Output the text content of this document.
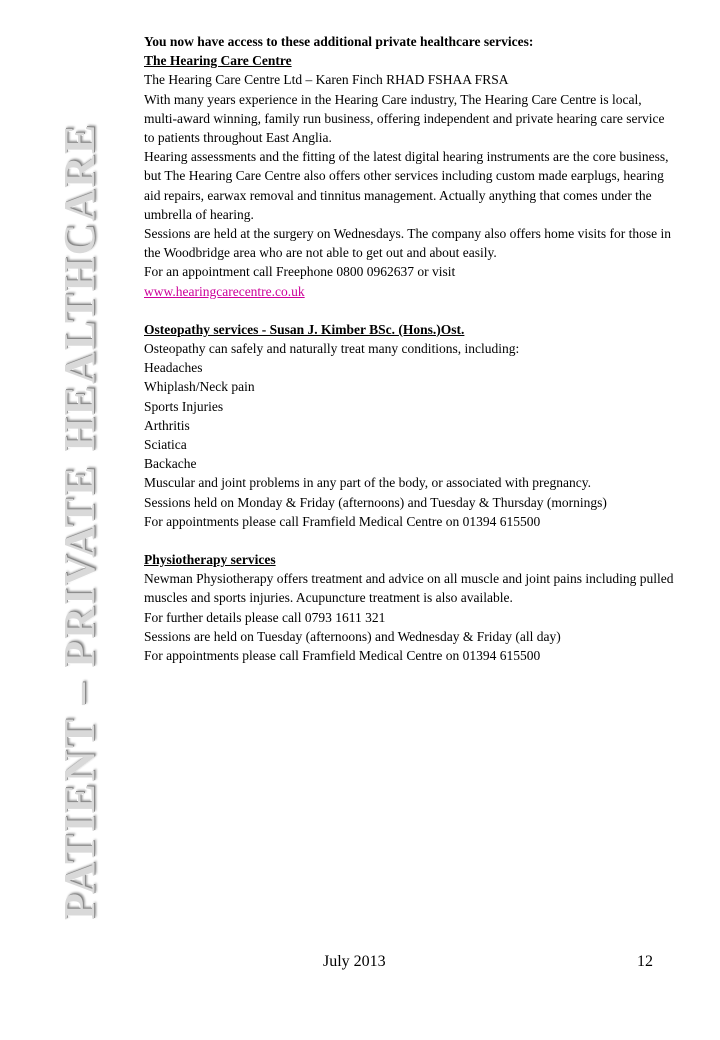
PATIENT – PRIVATE HEALTHCARE

You now have access to these additional private healthcare services:

The Hearing Care Centre

The Hearing Care Centre Ltd – Karen Finch RHAD FSHAA FRSA

With many years experience in the Hearing Care industry, The Hearing Care Centre is local, multi-award winning, family run business, offering independent and private hearing care service to patients throughout East Anglia.

Hearing assessments and the fitting of the latest digital hearing instruments are the core business, but The Hearing Care Centre also offers other services including custom made earplugs, hearing aid repairs, earwax removal and tinnitus management. Actually anything that comes under the umbrella of hearing.

Sessions are held at the surgery on Wednesdays. The company also offers home visits for those in the Woodbridge area who are not able to get out and about easily.

For an appointment call Freephone 0800 0962637 or visit

www.hearingcarecentre.co.uk

Osteopathy services - Susan J. Kimber BSc. (Hons.)Ost.

Osteopathy can safely and naturally treat many conditions, including:

Headaches

Whiplash/Neck pain

Sports Injuries

Arthritis

Sciatica

Backache

Muscular and joint problems in any part of the body, or associated with pregnancy.

Sessions held on Monday & Friday (afternoons) and Tuesday & Thursday (mornings)

For appointments please call Framfield Medical Centre on 01394 615500

Physiotherapy services

Newman Physiotherapy offers treatment and advice on all muscle and joint pains including pulled muscles and sports injuries. Acupuncture treatment is also available.

For further details please call 0793 1611 321

Sessions are held on Tuesday (afternoons) and Wednesday & Friday (all day)

For appointments please call Framfield Medical Centre on 01394 615500

July 2013	12
